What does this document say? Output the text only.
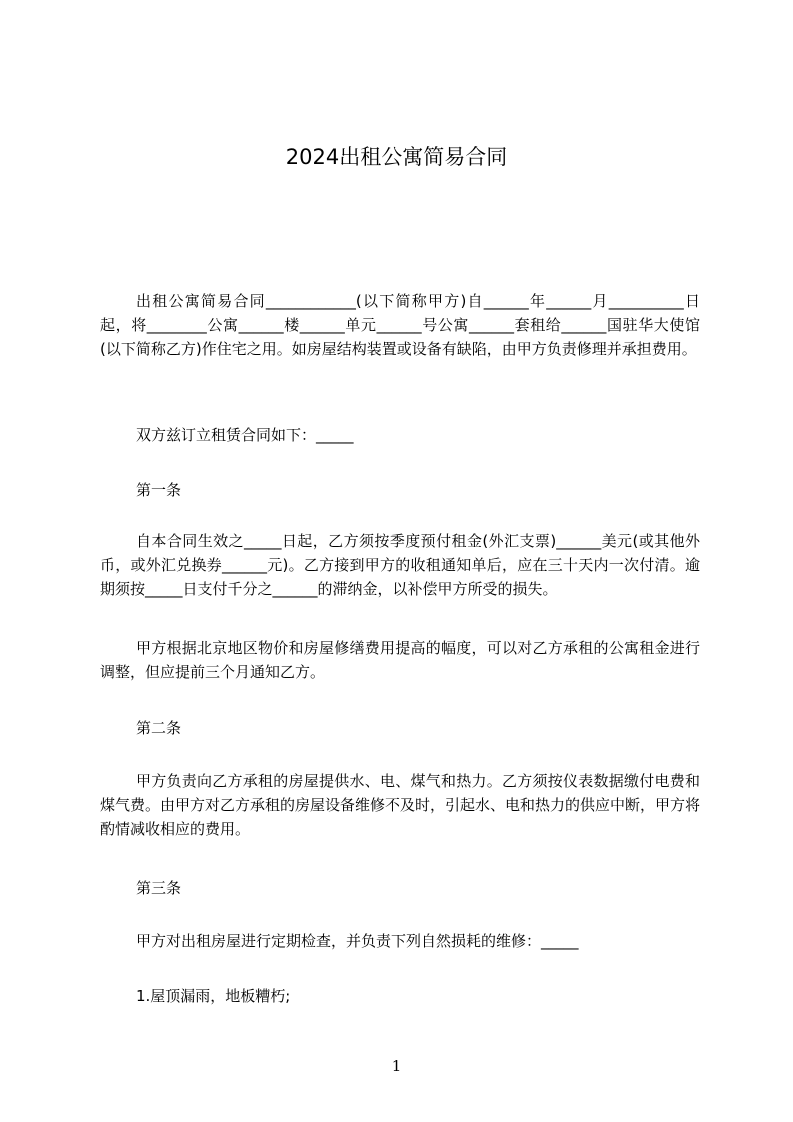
2024出租公寓简易合同
出租公寓简易合同____________(以下简称甲方)自______年______月__________日起，将________公寓______楼______单元______号公寓______套租给______国驻华大使馆(以下简称乙方)作住宅之用。如房屋结构装置或设备有缺陷，由甲方负责修理并承担费用。
双方兹订立租赁合同如下：_____
第一条
自本合同生效之_____日起，乙方须按季度预付租金(外汇支票)______美元(或其他外币，或外汇兑换券______元)。乙方接到甲方的收租通知单后，应在三十天内一次付清。逾期须按_____日支付千分之______的滞纳金，以补偿甲方所受的损失。
甲方根据北京地区物价和房屋修缮费用提高的幅度，可以对乙方承租的公寓租金进行调整，但应提前三个月通知乙方。
第二条
甲方负责向乙方承租的房屋提供水、电、煤气和热力。乙方须按仪表数据缴付电费和煤气费。由甲方对乙方承租的房屋设备维修不及时，引起水、电和热力的供应中断，甲方将酌情减收相应的费用。
第三条
甲方对出租房屋进行定期检查，并负责下列自然损耗的维修：_____
1.屋顶漏雨，地板糟朽;
1
